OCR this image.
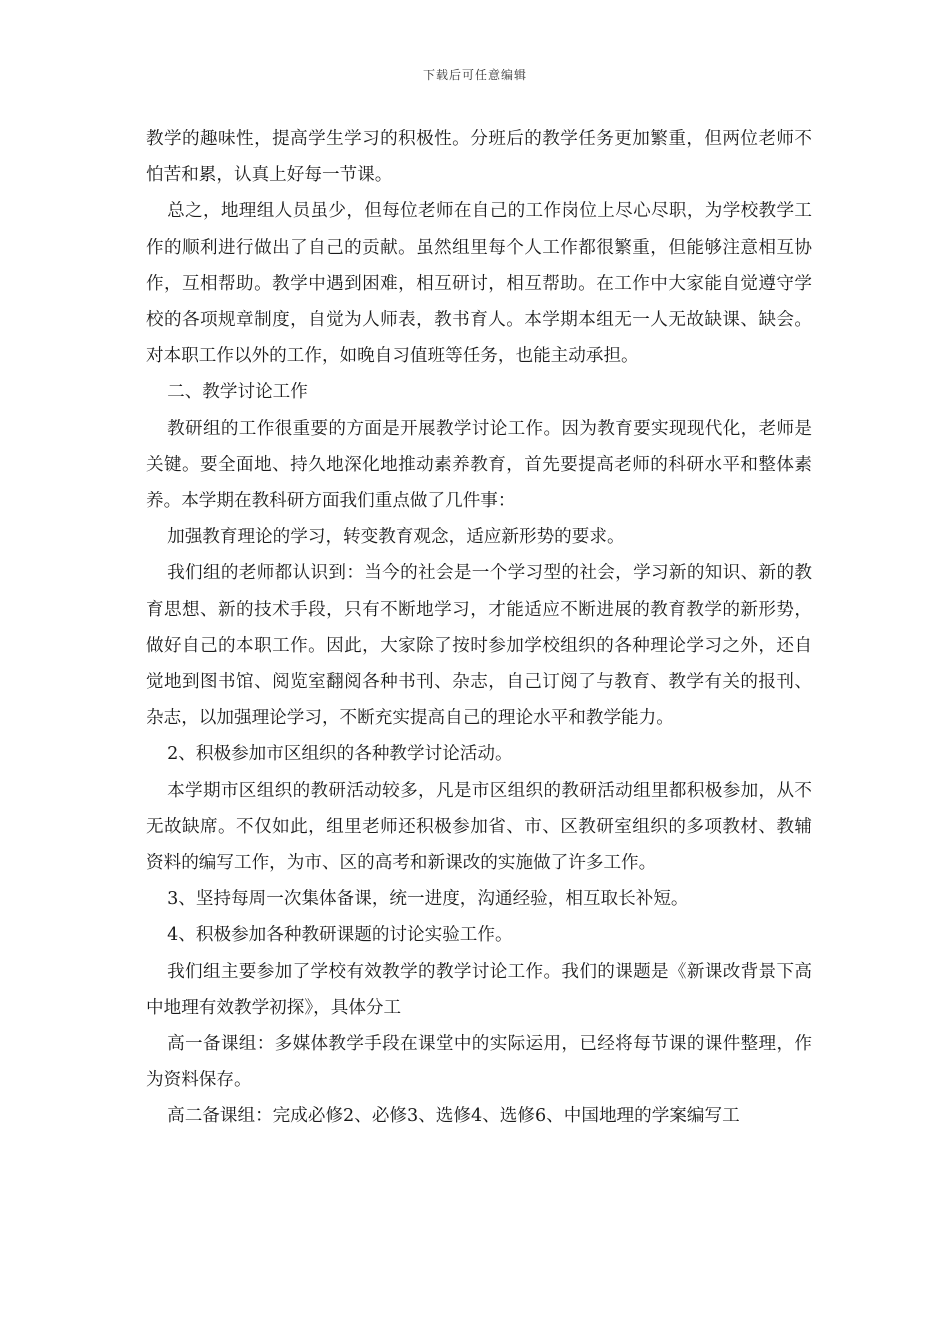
下载后可任意编辑

教学的趣味性，提高学生学习的积极性。分班后的教学任务更加繁重，但两位老师不怕苦和累，认真上好每一节课。

总之，地理组人员虽少，但每位老师在自己的工作岗位上尽心尽职，为学校教学工作的顺利进行做出了自己的贡献。虽然组里每个人工作都很繁重，但能够注意相互协作，互相帮助。教学中遇到困难，相互研讨，相互帮助。在工作中大家能自觉遵守学校的各项规章制度，自觉为人师表，教书育人。本学期本组无一人无故缺课、缺会。对本职工作以外的工作，如晚自习值班等任务，也能主动承担。

二、教学讨论工作

教研组的工作很重要的方面是开展教学讨论工作。因为教育要实现现代化，老师是关键。要全面地、持久地深化地推动素养教育，首先要提高老师的科研水平和整体素养。本学期在教科研方面我们重点做了几件事：

加强教育理论的学习，转变教育观念，适应新形势的要求。

我们组的老师都认识到：当今的社会是一个学习型的社会，学习新的知识、新的教育思想、新的技术手段，只有不断地学习，才能适应不断进展的教育教学的新形势，做好自己的本职工作。因此，大家除了按时参加学校组织的各种理论学习之外，还自觉地到图书馆、阅览室翻阅各种书刊、杂志，自己订阅了与教育、教学有关的报刊、杂志，以加强理论学习，不断充实提高自己的理论水平和教学能力。

2、积极参加市区组织的各种教学讨论活动。

本学期市区组织的教研活动较多，凡是市区组织的教研活动组里都积极参加，从不无故缺席。不仅如此，组里老师还积极参加省、市、区教研室组织的多项教材、教辅资料的编写工作，为市、区的高考和新课改的实施做了许多工作。

3、坚持每周一次集体备课，统一进度，沟通经验，相互取长补短。

4、积极参加各种教研课题的讨论实验工作。

我们组主要参加了学校有效教学的教学讨论工作。我们的课题是《新课改背景下高中地理有效教学初探》，具体分工

高一备课组：多媒体教学手段在课堂中的实际运用，已经将每节课的课件整理，作为资料保存。

高二备课组：完成必修2、必修3、选修4、选修6、中国地理的学案编写工
